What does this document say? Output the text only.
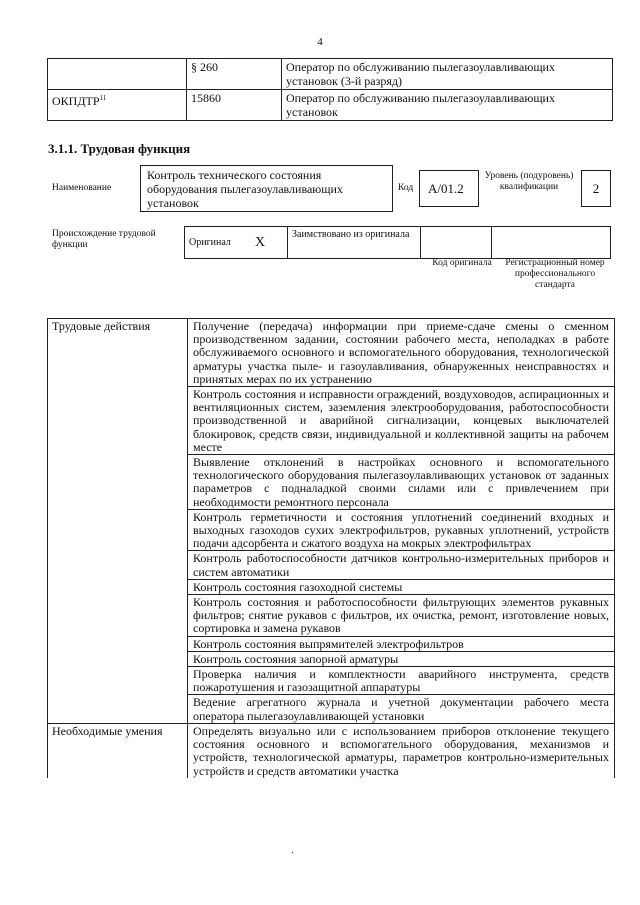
4
	§ 260	Оператор по обслуживанию пылегазоулавливающих установок (3-й разряд)
ОКПДТР$^{11}$	15860	Оператор по обслуживанию пылегазоулавливающих установок
3.1.1. Трудовая функция
Наименование
Контроль технического состояния оборудования пылегазоулавливающих установок
Код	А/01.2
Уровень (подуровень) квалификации	2
Происхождение трудовой функции	Оригинал	Х	Заимствовано из оригинала		
Код оригинала	Регистрационный номер профессионального стандарта
Трудовые действия	Получение (передача) информации при приеме-сдаче смены о сменном производственном задании, состоянии рабочего места, неполадках в работе обслуживаемого основного и вспомогательного оборудования, технологической арматуры участка пыле- и газоулавливания, обнаруженных неисправностях и принятых мерах по их устранению
	Контроль состояния и исправности ограждений, воздуховодов, аспирационных и вентиляционных систем, заземления электрооборудования, работоспособности производственной и аварийной сигнализации, концевых выключателей блокировок, средств связи, индивидуальной и коллективной защиты на рабочем месте
	Выявление отклонений в настройках основного и вспомогательного технологического оборудования пылегазоулавливающих установок от заданных параметров с подналадкой своими силами или с привлечением при необходимости ремонтного персонала
	Контроль герметичности и состояния уплотнений соединений входных и выходных газоходов сухих электрофильтров, рукавных уплотнений, устройств подачи адсорбента и сжатого воздуха на мокрых электрофильтрах
	Контроль работоспособности датчиков контрольно-измерительных приборов и систем автоматики
	Контроль состояния газоходной системы
	Контроль состояния и работоспособности фильтрующих элементов рукавных фильтров; снятие рукавов с фильтров, их очистка, ремонт, изготовление новых, сортировка и замена рукавов
	Контроль состояния выпрямителей электрофильтров
	Контроль состояния запорной арматуры
	Проверка наличия и комплектности аварийного инструмента, средств пожаротушения и газозащитной аппаратуры
	Ведение агрегатного журнала и учетной документации рабочего места оператора пылегазоулавливающей установки
Необходимые умения	Определять визуально или с использованием приборов отклонение текущего состояния основного и вспомогательного оборудования, механизмов и устройств, технологической арматуры, параметров контрольно-измерительных устройств и средств автоматики участка
·
